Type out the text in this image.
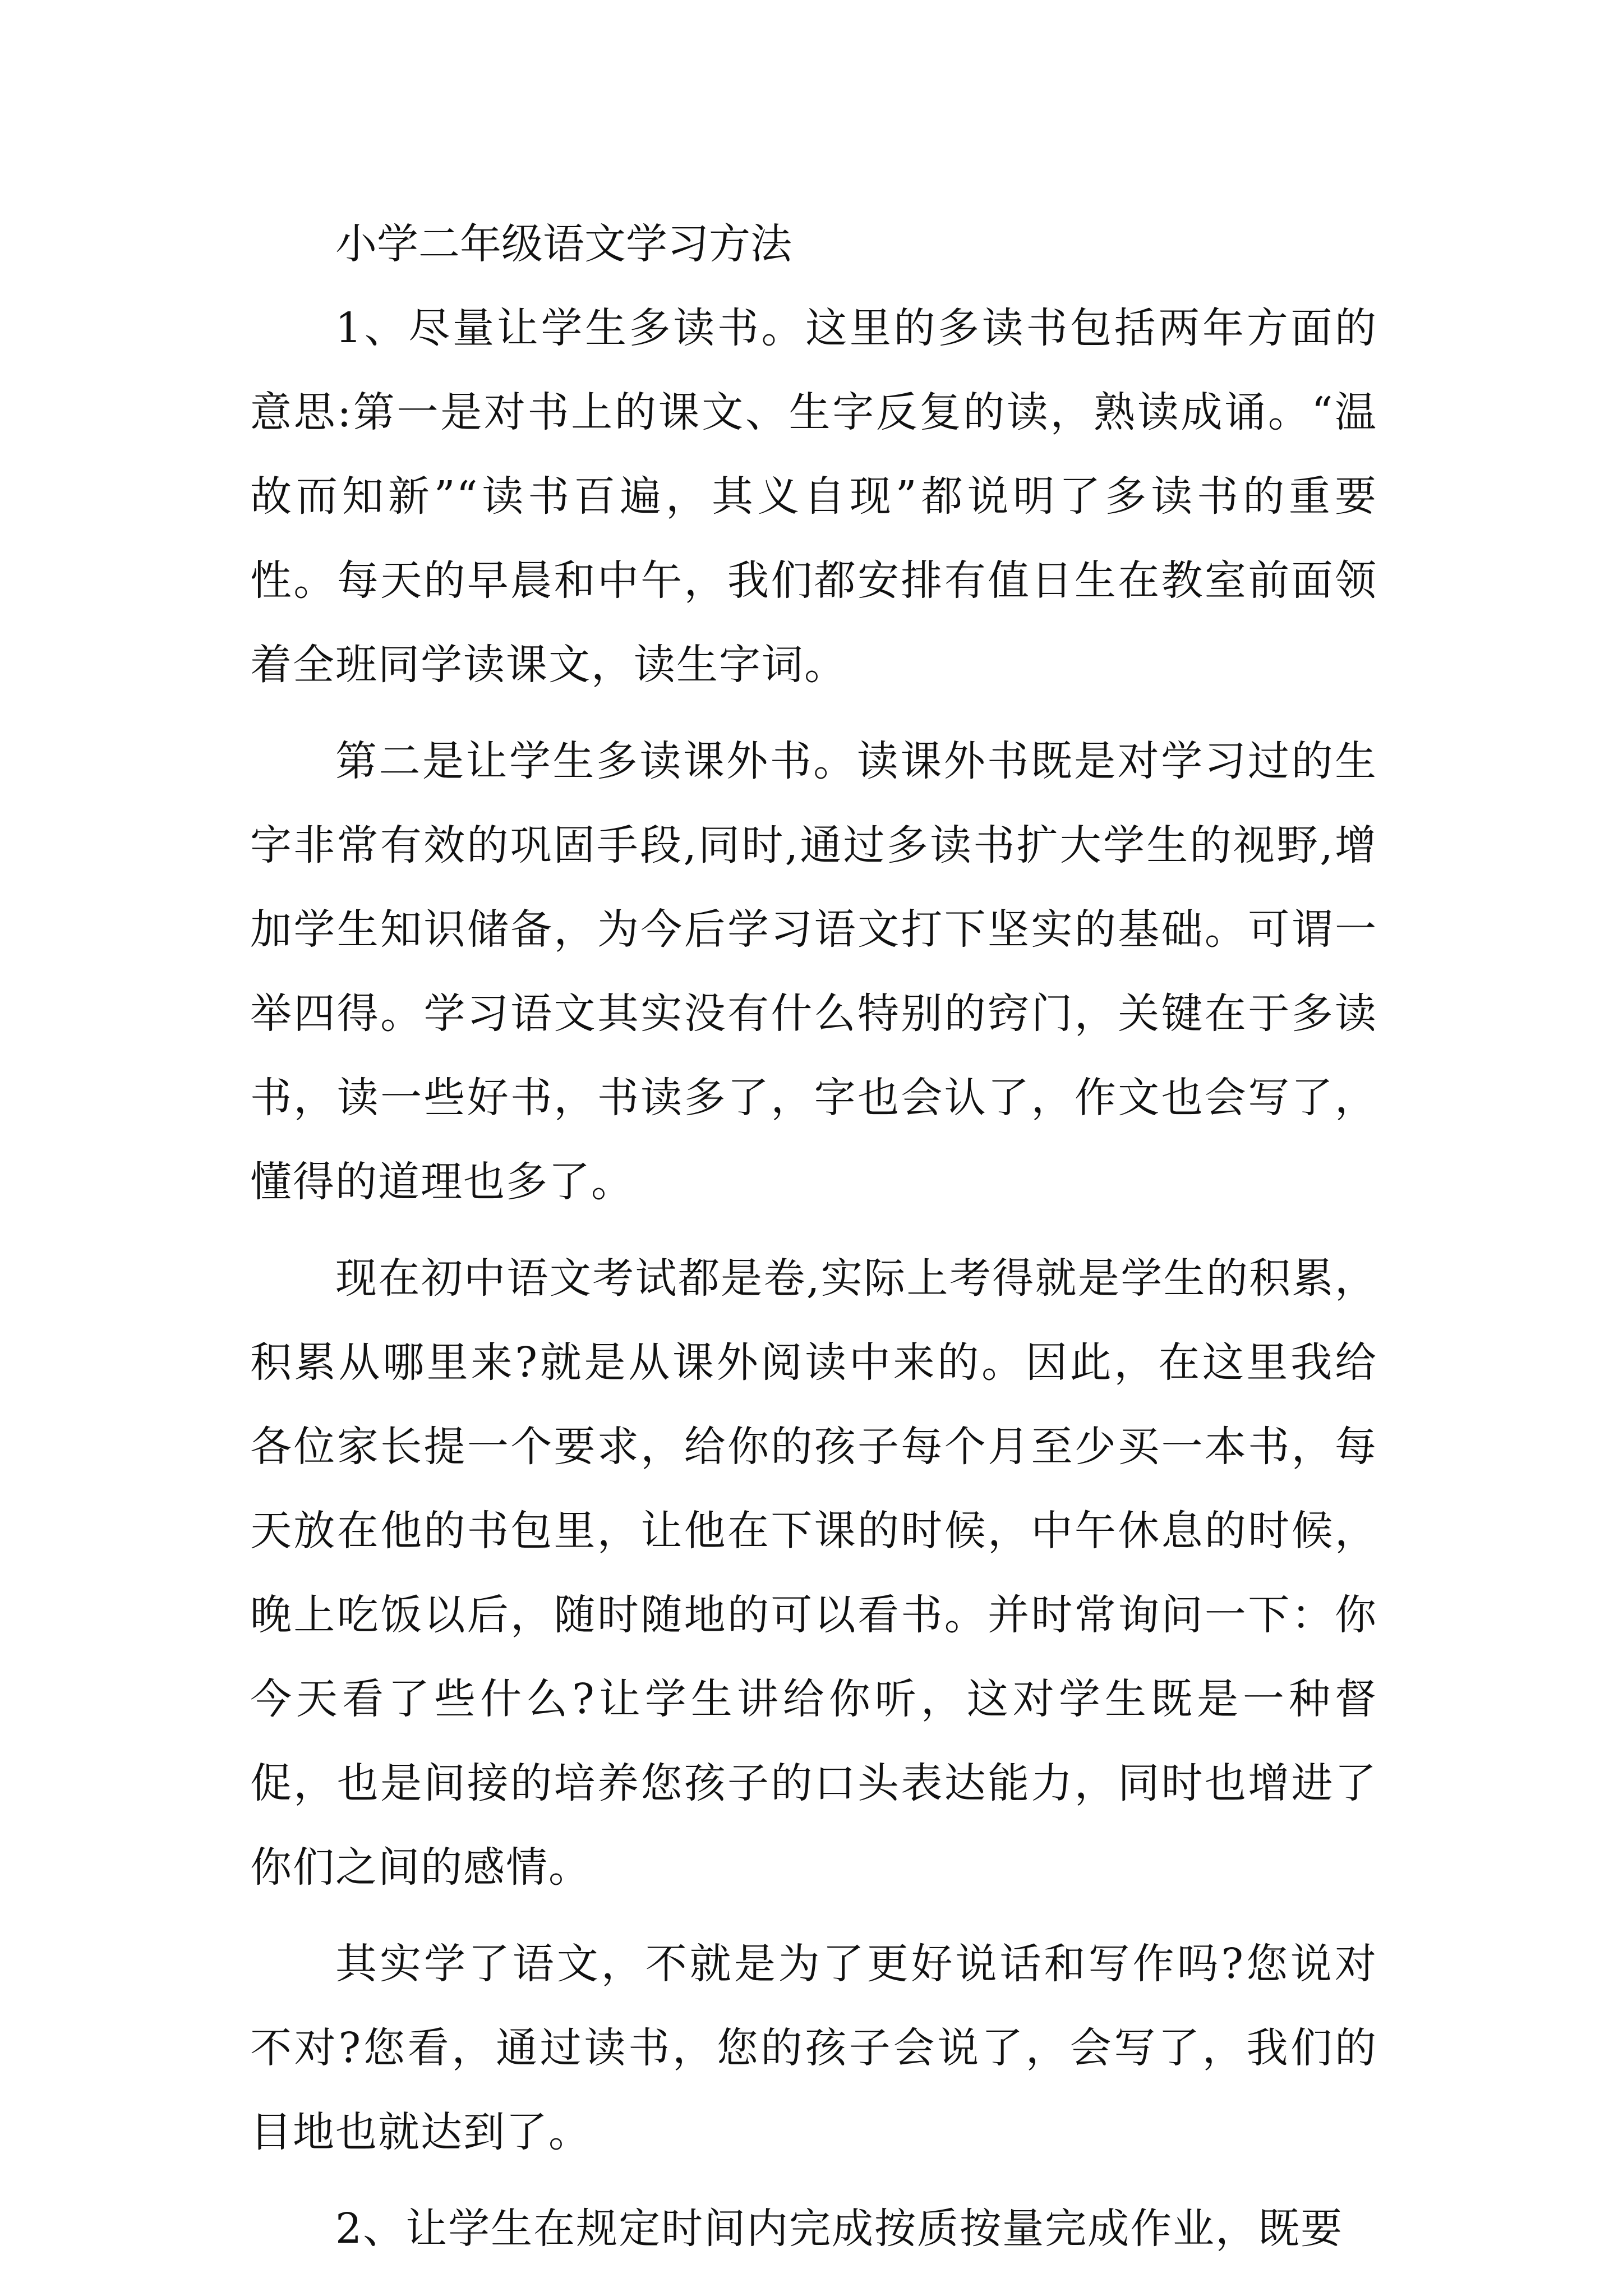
小学二年级语文学习方法

1、尽量让学生多读书。这里的多读书包括两年方面的意思:第一是对书上的课文、生字反复的读，熟读成诵。“温故而知新”“读书百遍，其义自现”都说明了多读书的重要性。每天的早晨和中午，我们都安排有值日生在教室前面领着全班同学读课文，读生字词。

第二是让学生多读课外书。读课外书既是对学习过的生字非常有效的巩固手段,同时,通过多读书扩大学生的视野,增加学生知识储备，为今后学习语文打下坚实的基础。可谓一举四得。学习语文其实没有什么特别的窍门，关键在于多读书，读一些好书，书读多了，字也会认了，作文也会写了，懂得的道理也多了。

现在初中语文考试都是卷,实际上考得就是学生的积累，积累从哪里来?就是从课外阅读中来的。因此，在这里我给各位家长提一个要求，给你的孩子每个月至少买一本书，每天放在他的书包里，让他在下课的时候，中午休息的时候，晚上吃饭以后，随时随地的可以看书。并时常询问一下：你今天看了些什么?让学生讲给你听，这对学生既是一种督促，也是间接的培养您孩子的口头表达能力，同时也增进了你们之间的感情。

其实学了语文，不就是为了更好说话和写作吗?您说对不对?您看，通过读书，您的孩子会说了，会写了，我们的目地也就达到了。

2、让学生在规定时间内完成按质按量完成作业，既要
